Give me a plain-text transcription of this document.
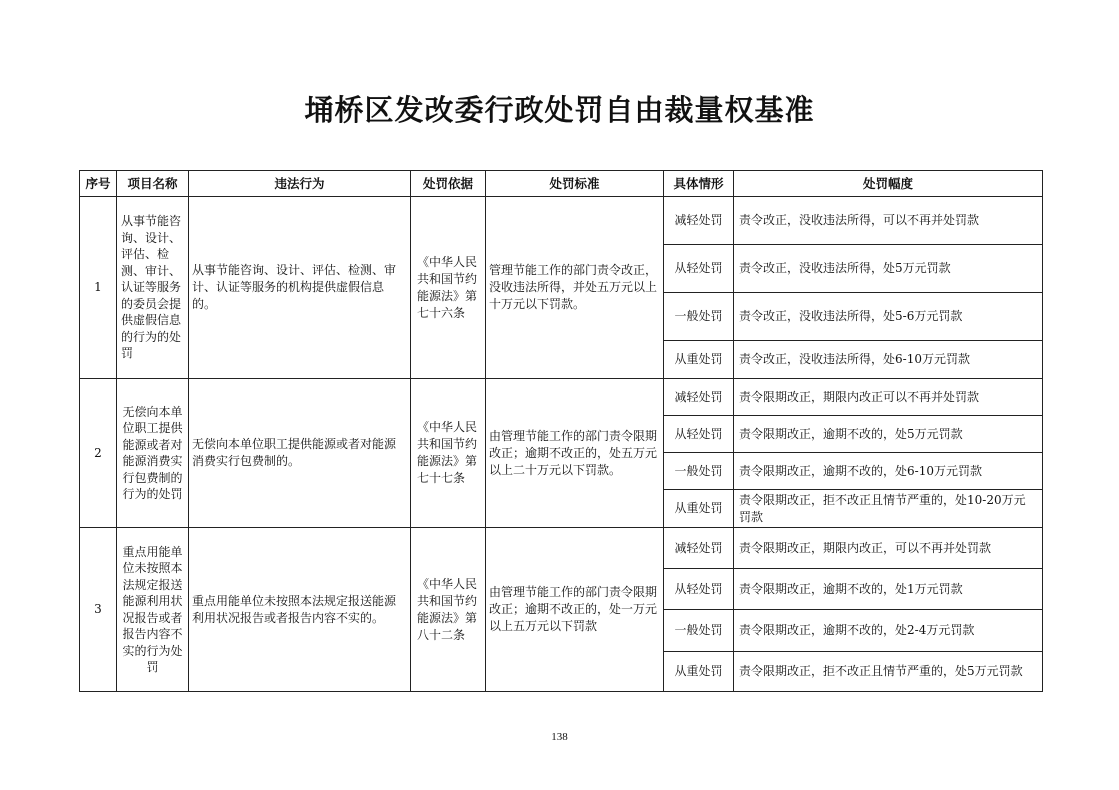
埇桥区发改委行政处罚自由裁量权基准
序号	项目名称	违法行为	处罚依据	处罚标准	具体情形	处罚幅度
1	从事节能咨询、设计、评估、检测、审计、认证等服务的委员会提供虚假信息的行为的处罚	从事节能咨询、设计、评估、检测、审计、认证等服务的机构提供虚假信息的。	《中华人民共和国节约能源法》第七十六条	管理节能工作的部门责令改正，没收违法所得，并处五万元以上十万元以下罚款。	减轻处罚	责令改正，没收违法所得，可以不再并处罚款
					从轻处罚	责令改正，没收违法所得，处5万元罚款
					一般处罚	责令改正，没收违法所得，处5-6万元罚款
					从重处罚	责令改正，没收违法所得，处6-10万元罚款
2	无偿向本单位职工提供能源或者对能源消费实行包费制的行为的处罚	无偿向本单位职工提供能源或者对能源消费实行包费制的。	《中华人民共和国节约能源法》第七十七条	由管理节能工作的部门责令限期改正；逾期不改正的，处五万元以上二十万元以下罚款。	减轻处罚	责令限期改正，期限内改正可以不再并处罚款
					从轻处罚	责令限期改正，逾期不改的，处5万元罚款
					一般处罚	责令限期改正，逾期不改的，处6-10万元罚款
					从重处罚	责令限期改正，拒不改正且情节严重的，处10-20万元罚款
3	重点用能单位未按照本法规定报送能源利用状况报告或者报告内容不实的行为处罚	重点用能单位未按照本法规定报送能源利用状况报告或者报告内容不实的。	《中华人民共和国节约能源法》第八十二条	由管理节能工作的部门责令限期改正；逾期不改正的，处一万元以上五万元以下罚款	减轻处罚	责令限期改正，期限内改正，可以不再并处罚款
					从轻处罚	责令限期改正，逾期不改的，处1万元罚款
					一般处罚	责令限期改正，逾期不改的，处2-4万元罚款
					从重处罚	责令限期改正，拒不改正且情节严重的，处5万元罚款
138
